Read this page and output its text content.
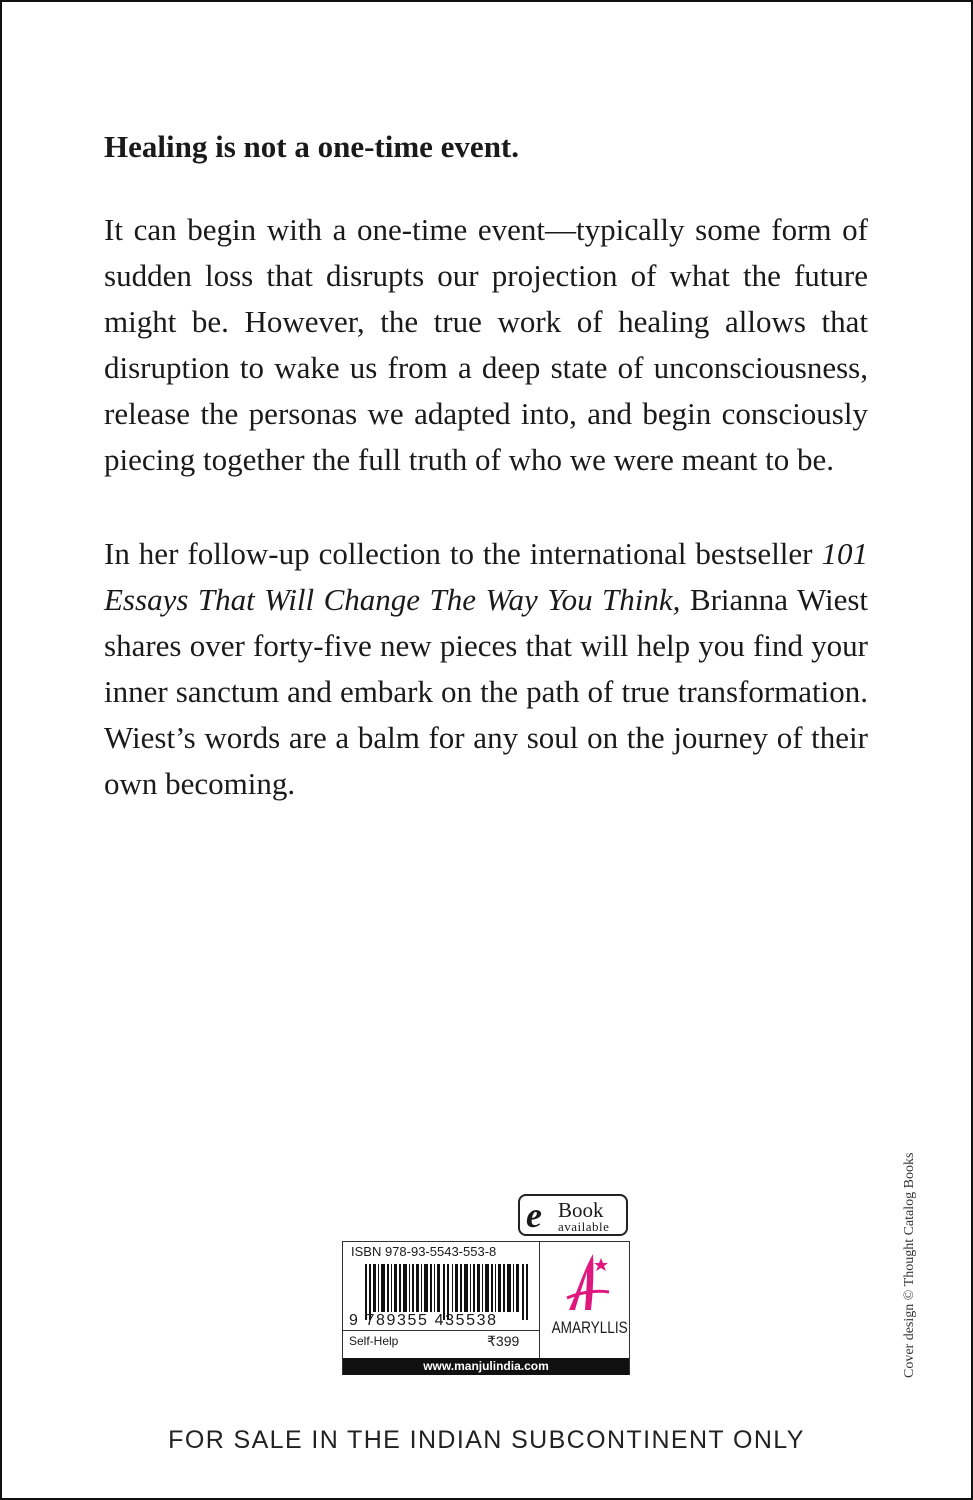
Healing is not a one-time event.

It can begin with a one-time event—typically some form of sudden loss that disrupts our projection of what the future might be. However, the true work of healing allows that disruption to wake us from a deep state of unconsciousness, release the personas we adapted into, and begin consciously piecing together the full truth of who we were meant to be.

In her follow-up collection to the international bestseller 101 Essays That Will Change The Way You Think, Brianna Wiest shares over forty-five new pieces that will help you find your inner sanctum and embark on the path of true transformation. Wiest’s words are a balm for any soul on the journey of their own becoming.

Cover design © Thought Catalog Books
e Book
available
ISBN 978-93-5543-553-8
9 789355 435538
Self-Help	₹399
AMARYLLIS
www.manjulindia.com
FOR SALE IN THE INDIAN SUBCONTINENT ONLY
